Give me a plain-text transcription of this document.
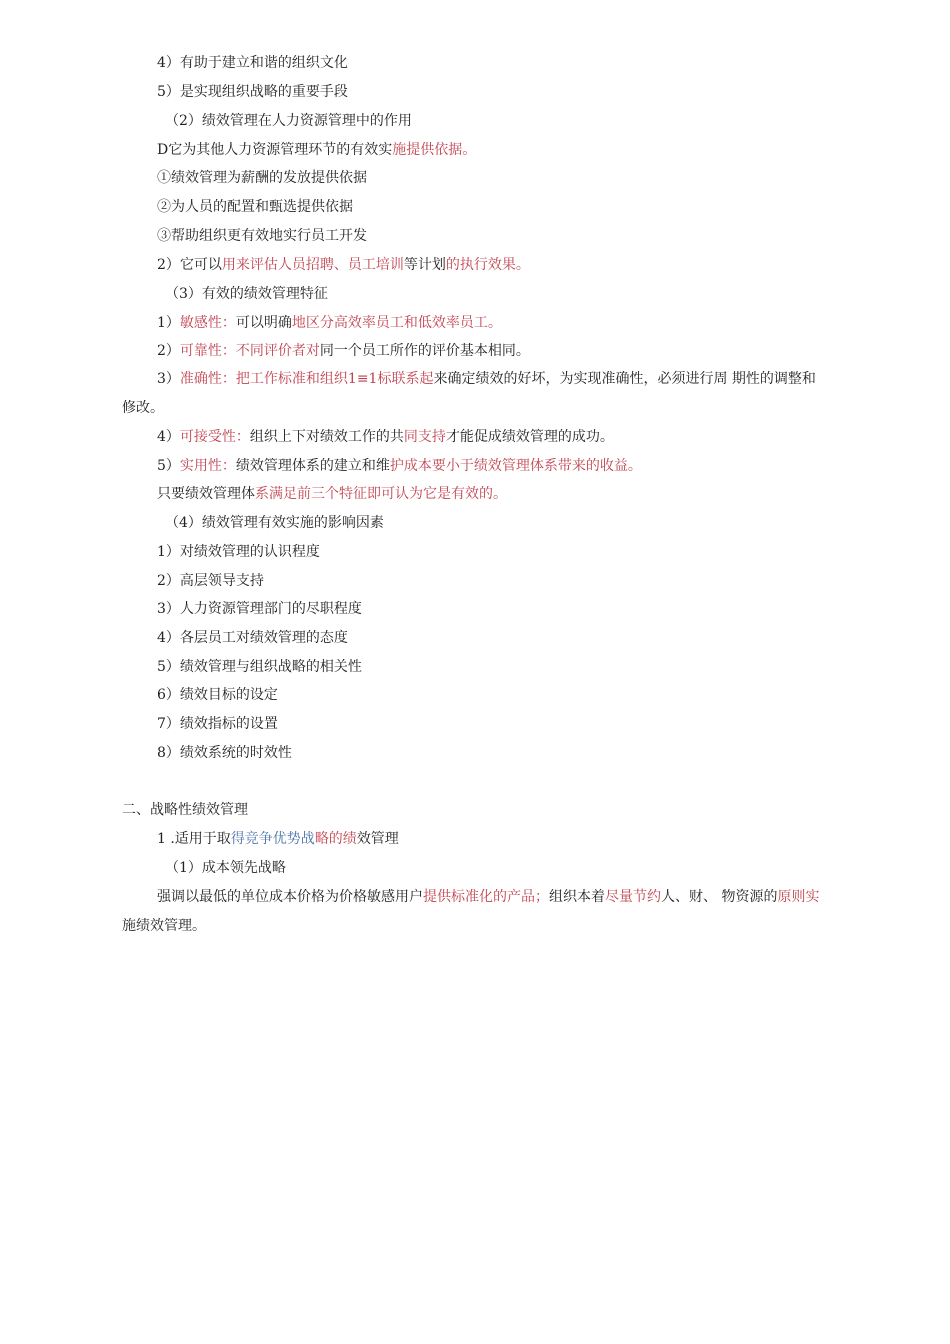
4）有助于建立和谐的组织文化
5）是实现组织战略的重要手段
（2）绩效管理在人力资源管理中的作用
D它为其他人力资源管理环节的有效实施提供依据。
①绩效管理为薪酬的发放提供依据
②为人员的配置和甄选提供依据
③帮助组织更有效地实行员工开发
2）它可以用来评估人员招聘、员工培训等计划的执行效果。
（3）有效的绩效管理特征
1）敏感性：可以明确地区分高效率员工和低效率员工。
2）可靠性：不同评价者对同一个员工所作的评价基本相同。
3）准确性：把工作标准和组织1≡1标联系起来确定绩效的好坏，为实现准确性，必须进行周 期性的调整和修改。
4）可接受性：组织上下对绩效工作的共同支持才能促成绩效管理的成功。
5）实用性：绩效管理体系的建立和维护成本要小于绩效管理体系带来的收益。
只要绩效管理体系满足前三个特征即可认为它是有效的。
（4）绩效管理有效实施的影响因素
1）对绩效管理的认识程度
2）高层领导支持
3）人力资源管理部门的尽职程度
4）各层员工对绩效管理的态度
5）绩效管理与组织战略的相关性
6）绩效目标的设定
7）绩效指标的设置
8）绩效系统的时效性
二、战略性绩效管理
1 .适用于取得竞争优势战略的绩效管理
（1）成本领先战略
强调以最低的单位成本价格为价格敏感用户提供标准化的产品；组织本着尽量节约人、财、 物资源的原则实施绩效管理。
